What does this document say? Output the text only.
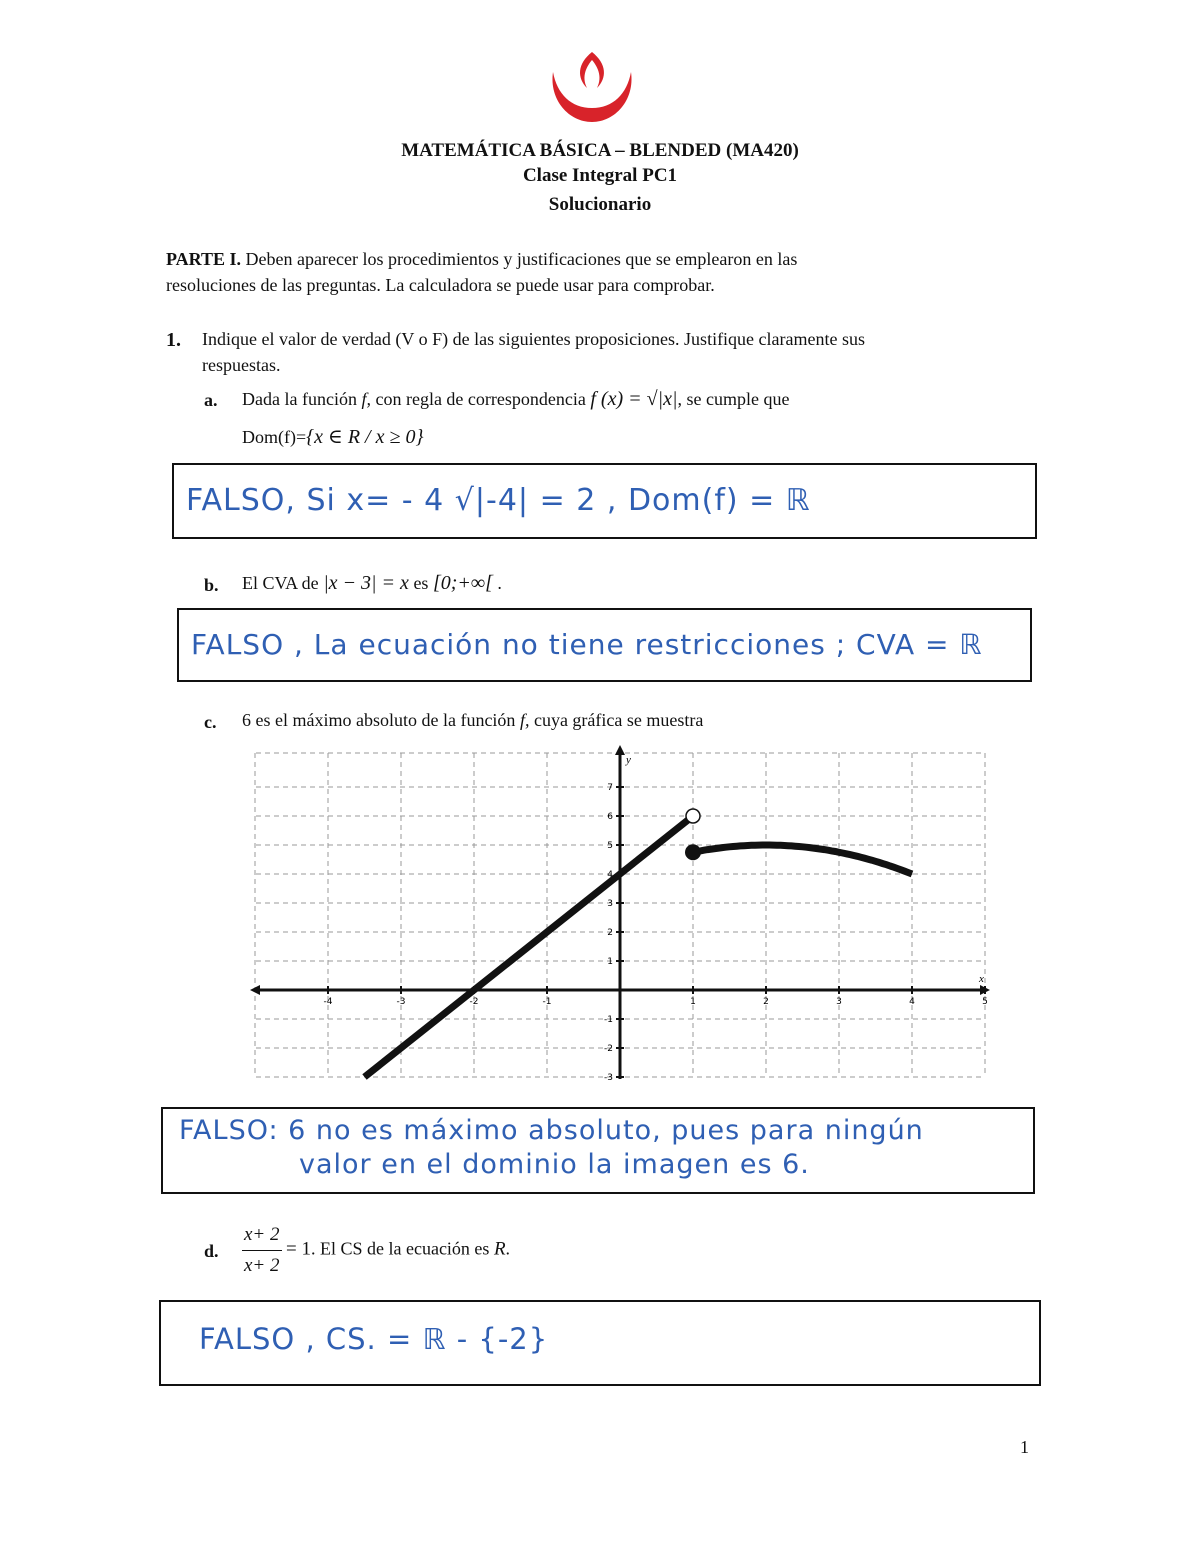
MATEMÁTICA BÁSICA – BLENDED (MA420)
Clase Integral PC1
Solucionario
PARTE I. Deben aparecer los procedimientos y justificaciones que se emplearon en las
resoluciones de las preguntas. La calculadora se puede usar para comprobar.
1. Indique el valor de verdad (V o F) de las siguientes proposiciones. Justifique claramente sus
respuestas.
a. Dada la función f, con regla de correspondencia f (x) = √|x|, se cumple que
Dom(f)={x ∈ R / x ≥ 0}
FALSO, Si x= - 4 √|-4| = 2 , Dom(f) = ℝ
b. El CVA de |x − 3| = x es [0;+∞[ .
FALSO , La ecuación no tiene restricciones ; CVA = ℝ
c. 6 es el máximo absoluto de la función f, cuya gráfica se muestra
x
y
-4	-3	-2	-1	1	2	3	4	5
-3
-2
-1
1
2
3
4
5
6
7
FALSO: 6 no es máximo absoluto, pues para ningún
valor en el dominio la imagen es 6.
d. $\frac{x+ 2}{x+ 2} = 1$. El CS de la ecuación es R.
FALSO , CS. = ℝ - {-2}
1
